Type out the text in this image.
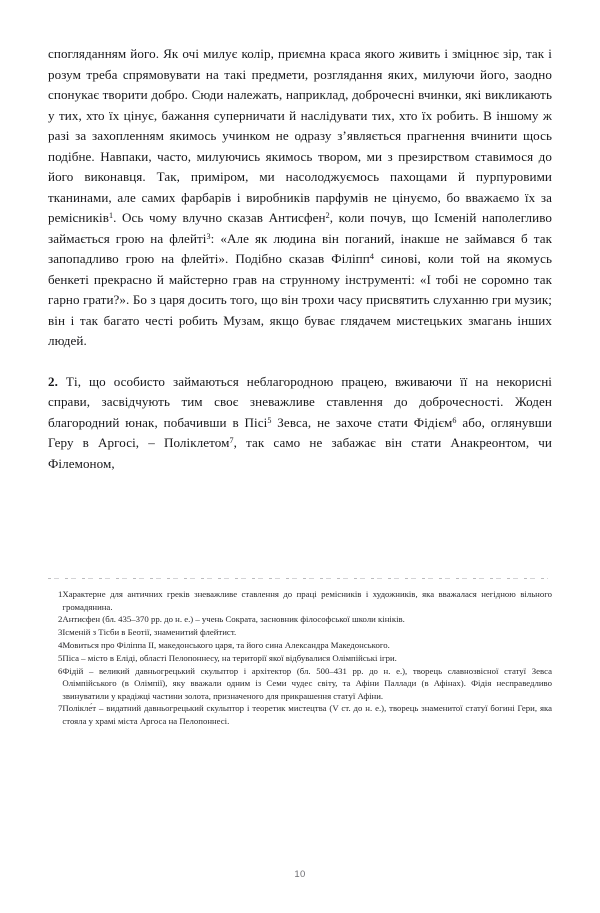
спогляданням його. Як очі милує колір, приємна краса якого живить і зміцнює зір, так і розум треба спрямовувати на такі предмети, розглядання яких, милуючи його, заодно спонукає творити добро. Сюди належать, наприклад, доброчесні вчинки, які викликають у тих, хто їх цінує, бажання суперничати й наслідувати тих, хто їх робить. В іншому ж разі за захопленням якимось учинком не одразу з’являється прагнення вчинити щось подібне. Навпаки, часто, милуючись якимось твором, ми з презирством ставимося до його виконавця. Так, приміром, ми насолоджуємось пахощами й пурпуровими тканинами, але самих фарбарів і виробників парфумів не цінуємо, бо вважаємо їх за ремісників$^1$. Ось чому влучно сказав Антисфен$^2$, коли почув, що Ісменій наполегливо займається грою на флейті$^3$: «Але як людина він поганий, інакше не займався б так запопадливо грою на флейті». Подібно сказав Філіпп$^4$ синові, коли той на якомусь бенкеті прекрасно й майстерно грав на струнному інструменті: «І тобі не соромно так гарно грати?». Бо з царя досить того, що він трохи часу присвятить слуханню гри музик; він і так багато честі робить Музам, якщо буває глядачем мистецьких змагань інших людей.

2. Ті, що особисто займаються неблагородною працею, вживаючи її на некорисні справи, засвідчують тим своє зневажливе ставлення до доброчесності. Жоден благородний юнак, побачивши в Пісі$^5$ Зевса, не захоче стати Фідієм$^6$ або, оглянувши Геру в Аргосі, – Поліклетом$^7$, так само не забажає він стати Анакреонтом, чи Філемоном,

1 Характерне для античних греків зневажливе ставлення до праці ремісників і художників, яка вважалася негідною вільного громадянина.
2 Антисфен (бл. 435–370 рр. до н. е.) – учень Сократа, засновник філософської школи кініків.
3 Ісменій з Тісби в Беотії, знаменитий флейтист.
4 Мовиться про Філіппа II, македонського царя, та його сина Александра Македонського.
5 Піса – місто в Еліді, області Пелопоннесу, на території якої відбувалися Олімпійські ігри.
6 Фідій – великий давньогрецький скульптор і архітектор (бл. 500–431 рр. до н. е.), творець славнозвісної статуї Зевса Олімпійського (в Олімпії), яку вважали одним із Семи чудес світу, та Афіни Паллади (в Афінах). Фідія несправедливо звинуватили у крадіжці частини золота, призначеного для прикрашення статуї Афіни.
7 Полікле́т – видатний давньогрецький скульптор і теоретик мистецтва (V ст. до н. е.), творець знаменитої статуї богині Гери, яка стояла у храмі міста Аргоса на Пелопоннесі.
10
